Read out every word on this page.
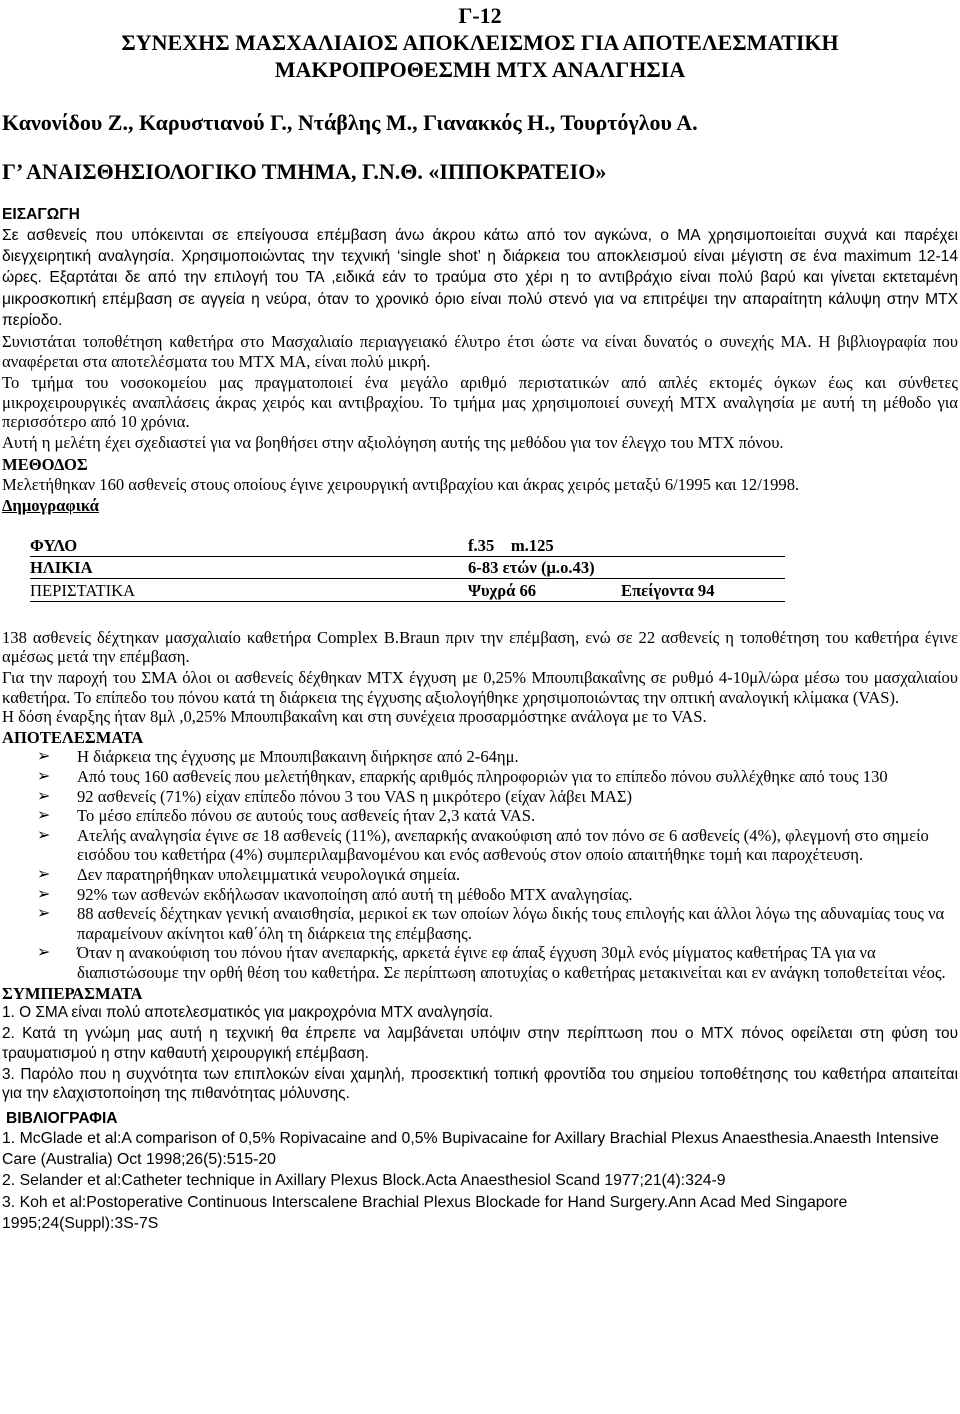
Γ-12
ΣΥΝΕΧΗΣ ΜΑΣΧΑΛΙΑΙΟΣ ΑΠΟΚΛΕΙΣΜΟΣ ΓΙΑ ΑΠΟΤΕΛΕΣΜΑΤΙΚΗ
ΜΑΚΡΟΠΡΟΘΕΣΜΗ ΜΤΧ ΑΝΑΛΓΗΣΙΑ
Κανονίδου Ζ., Καρυστιανού Γ., Ντάβλης Μ., Γιανακκός Η., Τουρτόγλου Α.
Γ’ ΑΝΑΙΣΘΗΣΙΟΛΟΓΙΚΟ ΤΜΗΜΑ, Γ.Ν.Θ. «ΙΠΠΟΚΡΑΤΕΙΟ»
ΕΙΣΑΓΩΓΗ
Σε ασθενείς που υπόκεινται σε επείγουσα επέμβαση άνω άκρου κάτω από τον αγκώνα, ο ΜΑ χρησιμοποιείται συχνά και παρέχει διεγχειρητική αναλγησία. Χρησιμοποιώντας την τεχνική ‘single shot’ η διάρκεια του αποκλεισμού είναι μέγιστη σε ένα maximum 12-14 ώρες. Εξαρτάται δε από την επιλογή του ΤΑ ,ειδικά εάν το τραύμα στο χέρι η το αντιβράχιο είναι πολύ βαρύ και γίνεται εκτεταμένη μικροσκοπική επέμβαση σε αγγεία η νεύρα, όταν το χρονικό όριο είναι πολύ στενό για να επιτρέψει την απαραίτητη κάλυψη στην ΜΤΧ περίοδο.
Συνιστάται τοποθέτηση καθετήρα στο Μασχαλιαίο περιαγγειακό έλυτρο έτσι ώστε να είναι δυνατός ο συνεχής ΜΑ. Η βιβλιογραφία που αναφέρεται στα αποτελέσματα του ΜΤΧ ΜΑ, είναι πολύ μικρή.
Το τμήμα του νοσοκομείου μας πραγματοποιεί ένα μεγάλο αριθμό περιστατικών από απλές εκτομές όγκων έως και σύνθετες μικροχειρουργικές αναπλάσεις άκρας χειρός και αντιβραχίου. Το τμήμα μας χρησιμοποιεί συνεχή ΜΤΧ αναλγησία με αυτή τη μέθοδο για περισσότερο από 10 χρόνια.
Αυτή η μελέτη έχει σχεδιαστεί για να βοηθήσει στην αξιολόγηση αυτής της μεθόδου για τον έλεγχο του ΜΤΧ πόνου.
ΜΕΘΟΔΟΣ
Μελετήθηκαν 160 ασθενείς στους οποίους έγινε χειρουργική αντιβραχίου και άκρας χειρός μεταξύ 6/1995 και 12/1998.
Δημογραφικά
ΦΥΛΟ	f.35    m.125	
ΗΛΙΚΙΑ	6-83 ετών (μ.ο.43)	
ΠΕΡΙΣΤΑΤΙΚΑ	Ψυχρά 66	Επείγοντα 94
138 ασθενείς δέχτηκαν μασχαλιαίο καθετήρα Complex B.Braun πριν την επέμβαση, ενώ σε 22 ασθενείς η τοποθέτηση του καθετήρα έγινε αμέσως μετά την επέμβαση.
Για την παροχή του ΣΜΑ όλοι οι ασθενείς δέχθηκαν ΜΤΧ έγχυση με 0,25% Μπουπιβακαΐνης σε ρυθμό 4-10μλ/ώρα μέσω του μασχαλιαίου καθετήρα. Το επίπεδο του πόνου κατά τη διάρκεια της έγχυσης αξιολογήθηκε χρησιμοποιώντας την οπτική αναλογική κλίμακα (VAS).
Η δόση έναρξης ήταν 8μλ ,0,25% Μπουπιβακαΐνη και στη συνέχεια προσαρμόστηκε ανάλογα με το VAS.
ΑΠΟΤΕΛΕΣΜΑΤΑ
➢ Η διάρκεια της έγχυσης με Μπουπιβακαινη διήρκησε από 2-64ημ.
➢ Από τους 160 ασθενείς που μελετήθηκαν, επαρκής αριθμός πληροφοριών για το επίπεδο πόνου συλλέχθηκε από τους 130
➢ 92 ασθενείς (71%) είχαν επίπεδο πόνου 3 του VAS η μικρότερο (είχαν λάβει ΜΑΣ)
➢ Το μέσο επίπεδο πόνου σε αυτούς τους ασθενείς ήταν 2,3 κατά VAS.
➢ Ατελής αναλγησία έγινε σε 18 ασθενείς (11%), ανεπαρκής ανακούφιση από τον πόνο σε 6 ασθενείς (4%), φλεγμονή στο σημείο εισόδου του καθετήρα (4%) συμπεριλαμβανομένου και ενός ασθενούς στον οποίο απαιτήθηκε τομή και παροχέτευση.
➢ Δεν παρατηρήθηκαν υπολειμματικά νευρολογικά σημεία.
➢ 92% των ασθενών εκδήλωσαν ικανοποίηση από αυτή τη μέθοδο ΜΤΧ αναλγησίας.
➢ 88 ασθενείς δέχτηκαν γενική αναισθησία, μερικοί εκ των οποίων λόγω δικής τους επιλογής και άλλοι λόγω της αδυναμίας τους να παραμείνουν ακίνητοι καθ΄όλη τη διάρκεια της επέμβασης.
➢ Όταν η ανακούφιση του πόνου ήταν ανεπαρκής, αρκετά έγινε εφ άπαξ έγχυση 30μλ ενός μίγματος καθετήρας ΤΑ για να διαπιστώσουμε την ορθή θέση του καθετήρα. Σε περίπτωση αποτυχίας ο καθετήρας μετακινείται και εν ανάγκη τοποθετείται νέος.
ΣΥΜΠΕΡΑΣΜΑΤΑ
1. Ο ΣΜΑ είναι πολύ αποτελεσματικός για μακροχρόνια ΜΤΧ αναλγησία.
2. Κατά τη γνώμη μας αυτή η τεχνική θα έπρεπε να λαμβάνεται υπόψιν στην περίπτωση που ο ΜΤΧ πόνος οφείλεται στη φύση του τραυματισμού η στην καθαυτή χειρουργική επέμβαση.
3. Παρόλο που η συχνότητα των επιπλοκών είναι χαμηλή, προσεκτική τοπική φροντίδα του σημείου τοποθέτησης του καθετήρα απαιτείται για την ελαχιστοποίηση της πιθανότητας μόλυνσης.
ΒΙΒΛΙΟΓΡΑΦΙΑ
1. McGlade et al:A comparison of 0,5% Ropivacaine and 0,5% Bupivacaine for Axillary Brachial Plexus Anaesthesia.Anaesth Intensive Care (Australia) Oct 1998;26(5):515-20
2. Selander et al:Catheter technique in Axillary Plexus Block.Acta Anaesthesiol Scand 1977;21(4):324-9
3. Koh et al:Postoperative Continuous Interscalene Brachial Plexus Blockade for Hand Surgery.Ann Acad Med Singapore 1995;24(Suppl):3S-7S
